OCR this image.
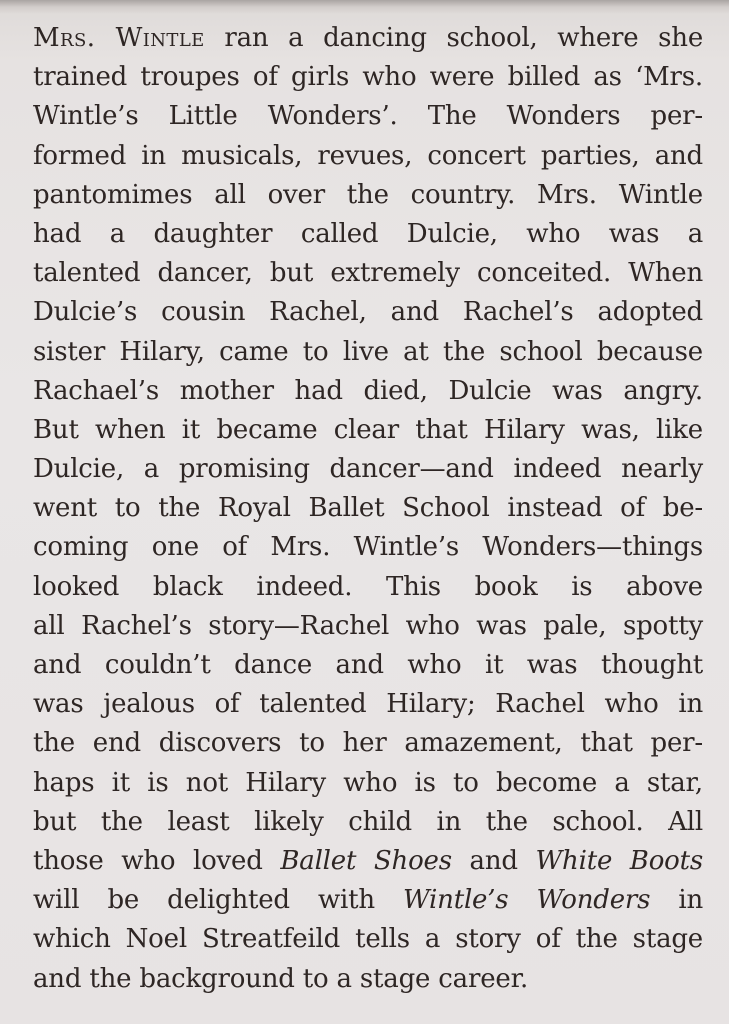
Mrs. Wintle ran a dancing school, where she
trained troupes of girls who were billed as ‘Mrs.
Wintle’s Little Wonders’. The Wonders per-
formed in musicals, revues, concert parties, and
pantomimes all over the country. Mrs. Wintle
had a daughter called Dulcie, who was a
talented dancer, but extremely conceited. When
Dulcie’s cousin Rachel, and Rachel’s adopted
sister Hilary, came to live at the school because
Rachael’s mother had died, Dulcie was angry.
But when it became clear that Hilary was, like
Dulcie, a promising dancer—and indeed nearly
went to the Royal Ballet School instead of be-
coming one of Mrs. Wintle’s Wonders—things
looked black indeed. This book is above
all Rachel’s story—Rachel who was pale, spotty
and couldn’t dance and who it was thought
was jealous of talented Hilary; Rachel who in
the end discovers to her amazement, that per-
haps it is not Hilary who is to become a star,
but the least likely child in the school. All
those who loved Ballet Shoes and White Boots
will be delighted with Wintle’s Wonders in
which Noel Streatfeild tells a story of the stage
and the background to a stage career.
